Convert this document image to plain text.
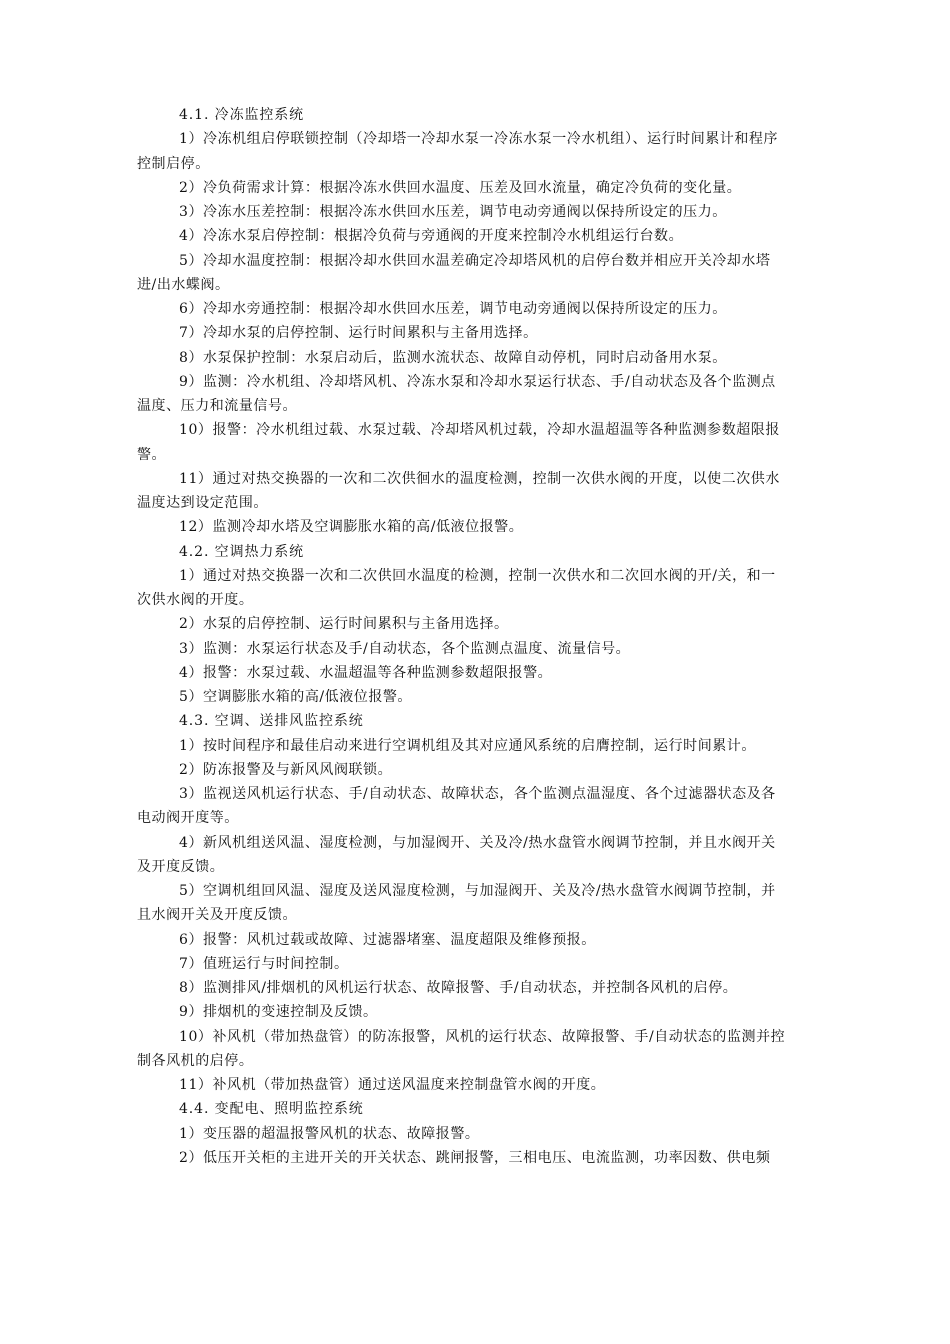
4.1. 冷冻监控系统
1）冷冻机组启停联锁控制（冷却塔一冷却水泵一冷冻水泵一冷水机组）、运行时间累计和程序
控制启停。
2）冷负荷需求计算：根据冷冻水供回水温度、压差及回水流量，确定冷负荷的变化量。
3）冷冻水压差控制：根据冷冻水供回水压差，调节电动旁通阀以保持所设定的压力。
4）冷冻水泵启停控制：根据冷负荷与旁通阀的开度来控制冷水机组运行台数。
5）冷却水温度控制：根据冷却水供回水温差确定冷却塔风机的启停台数并相应开关冷却水塔
进/出水蝶阀。
6）冷却水旁通控制：根据冷却水供回水压差，调节电动旁通阀以保持所设定的压力。
7）冷却水泵的启停控制、运行时间累积与主备用选择。
8）水泵保护控制：水泵启动后，监测水流状态、故障自动停机，同时启动备用水泵。
9）监测：冷水机组、冷却塔风机、冷冻水泵和冷却水泵运行状态、手/自动状态及各个监测点
温度、压力和流量信号。
10）报警：冷水机组过载、水泵过载、冷却塔风机过载，冷却水温超温等各种监测参数超限报
警。
11）通过对热交换器的一次和二次供徊水的温度检测，控制一次供水阀的开度，以使二次供水
温度达到设定范围。
12）监测冷却水塔及空调膨胀水箱的高/低液位报警。
4.2. 空调热力系统
1）通过对热交换器一次和二次供回水温度的检测，控制一次供水和二次回水阀的开/关，和一
次供水阀的开度。
2）水泵的启停控制、运行时间累积与主备用选择。
3）监测：水泵运行状态及手/自动状态，各个监测点温度、流量信号。
4）报警：水泵过载、水温超温等各种监测参数超限报警。
5）空调膨胀水箱的高/低液位报警。
4.3. 空调、送排风监控系统
1）按时间程序和最佳启动来进行空调机组及其对应通风系统的启膺控制，运行时间累计。
2）防冻报警及与新风风阀联锁。
3）监视送风机运行状态、手/自动状态、故障状态，各个监测点温湿度、各个过滤器状态及各
电动阀开度等。
4）新风机组送风温、湿度检测，与加湿阀开、关及冷/热水盘管水阀调节控制，并且水阀开关
及开度反馈。
5）空调机组回风温、湿度及送风湿度检测，与加湿阀开、关及冷/热水盘管水阀调节控制，并
且水阀开关及开度反馈。
6）报警：风机过载或故障、过滤器堵塞、温度超限及维修预报。
7）值班运行与时间控制。
8）监测排风/排烟机的风机运行状态、故障报警、手/自动状态，并控制各风机的启停。
9）排烟机的变速控制及反馈。
10）补风机（带加热盘管）的防冻报警，风机的运行状态、故障报警、手/自动状态的监测并控
制各风机的启停。
11）补风机（带加热盘管）通过送风温度来控制盘管水阀的开度。
4.4. 变配电、照明监控系统
1）变压器的超温报警风机的状态、故障报警。
2）低压开关柜的主进开关的开关状态、跳闸报警，三相电压、电流监测，功率因数、供电频
